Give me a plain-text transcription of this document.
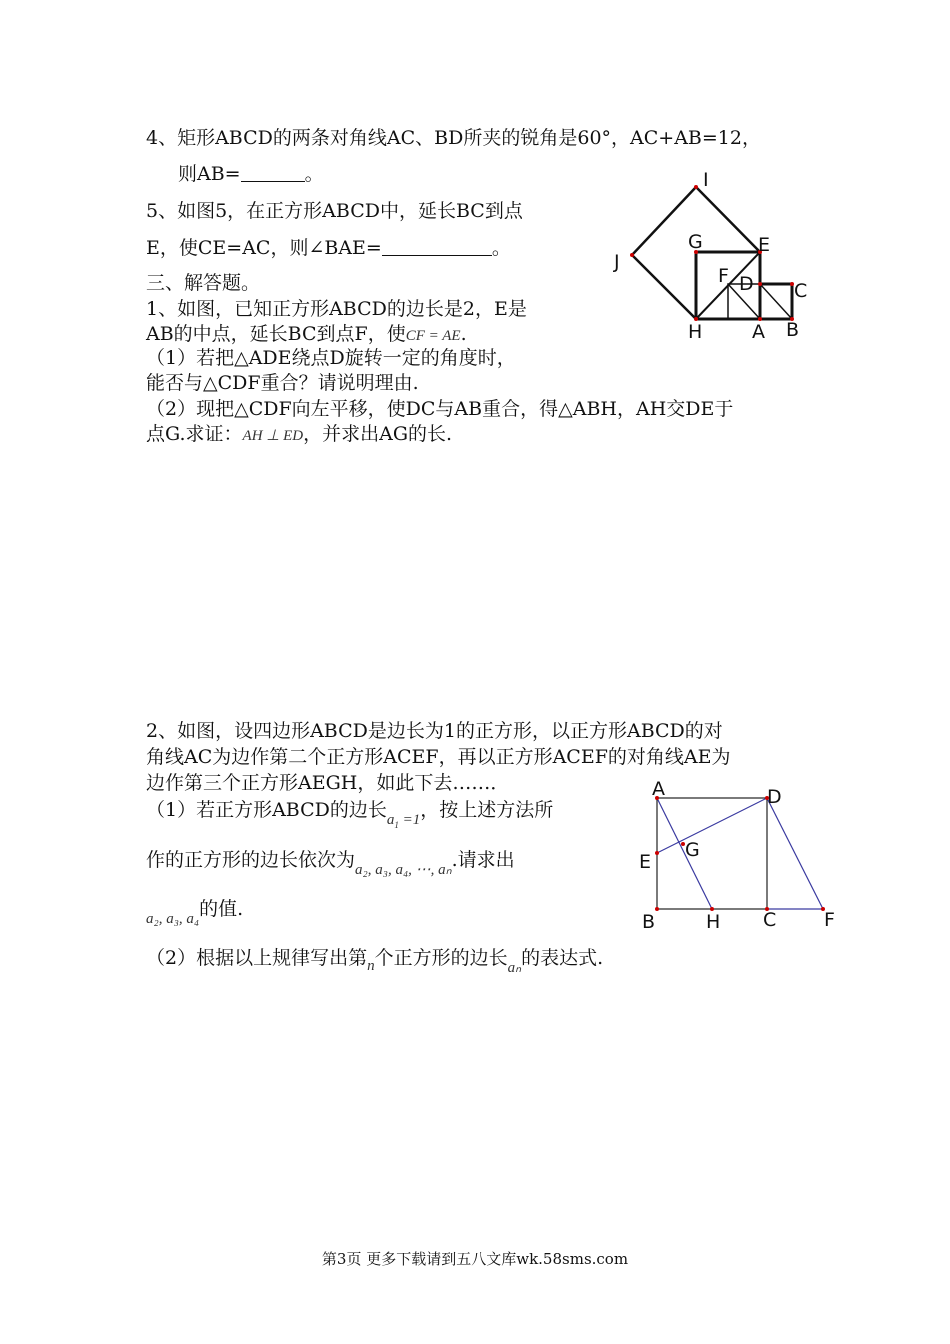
4、矩形ABCD的两条对角线AC、BD所夹的锐角是60°，AC+AB=12，
则AB=	。
5、如图5，在正方形ABCD中，延长BC到点
E，使CE=AC，则∠BAE=	。
三、解答题。
1、如图，已知正方形ABCD的边长是2，E是
AB的中点，延长BC到点F，使CF = AE.
（1）若把△ADE绕点D旋转一定的角度时，
能否与△CDF重合？请说明理由.
（2）现把△CDF向左平移，使DC与AB重合，得△ABH，AH交DE于
点G.求证：AH ⊥ ED，并求出AG的长.
I
J
G	E
F D C
H	A B
2、如图，设四边形ABCD是边长为1的正方形，以正方形ABCD的对
角线AC为边作第二个正方形ACEF，再以正方形ACEF的对角线AE为
边作第三个正方形AEGH，如此下去……．
（1）若正方形ABCD的边长$_{a_1 =1}$，按上述方法所
作的正方形的边长依次为$_{a_2, a_3, a_4, \cdots, a_n}$.请求出
$_{a_2, a_3, a_4}$的值.
（2）根据以上规律写出第$_n$个正方形的边长$_{a_n}$的表达式.
A	D
E
G
B	H C	F
第3页 更多下载请到五八文库wk.58sms.com
